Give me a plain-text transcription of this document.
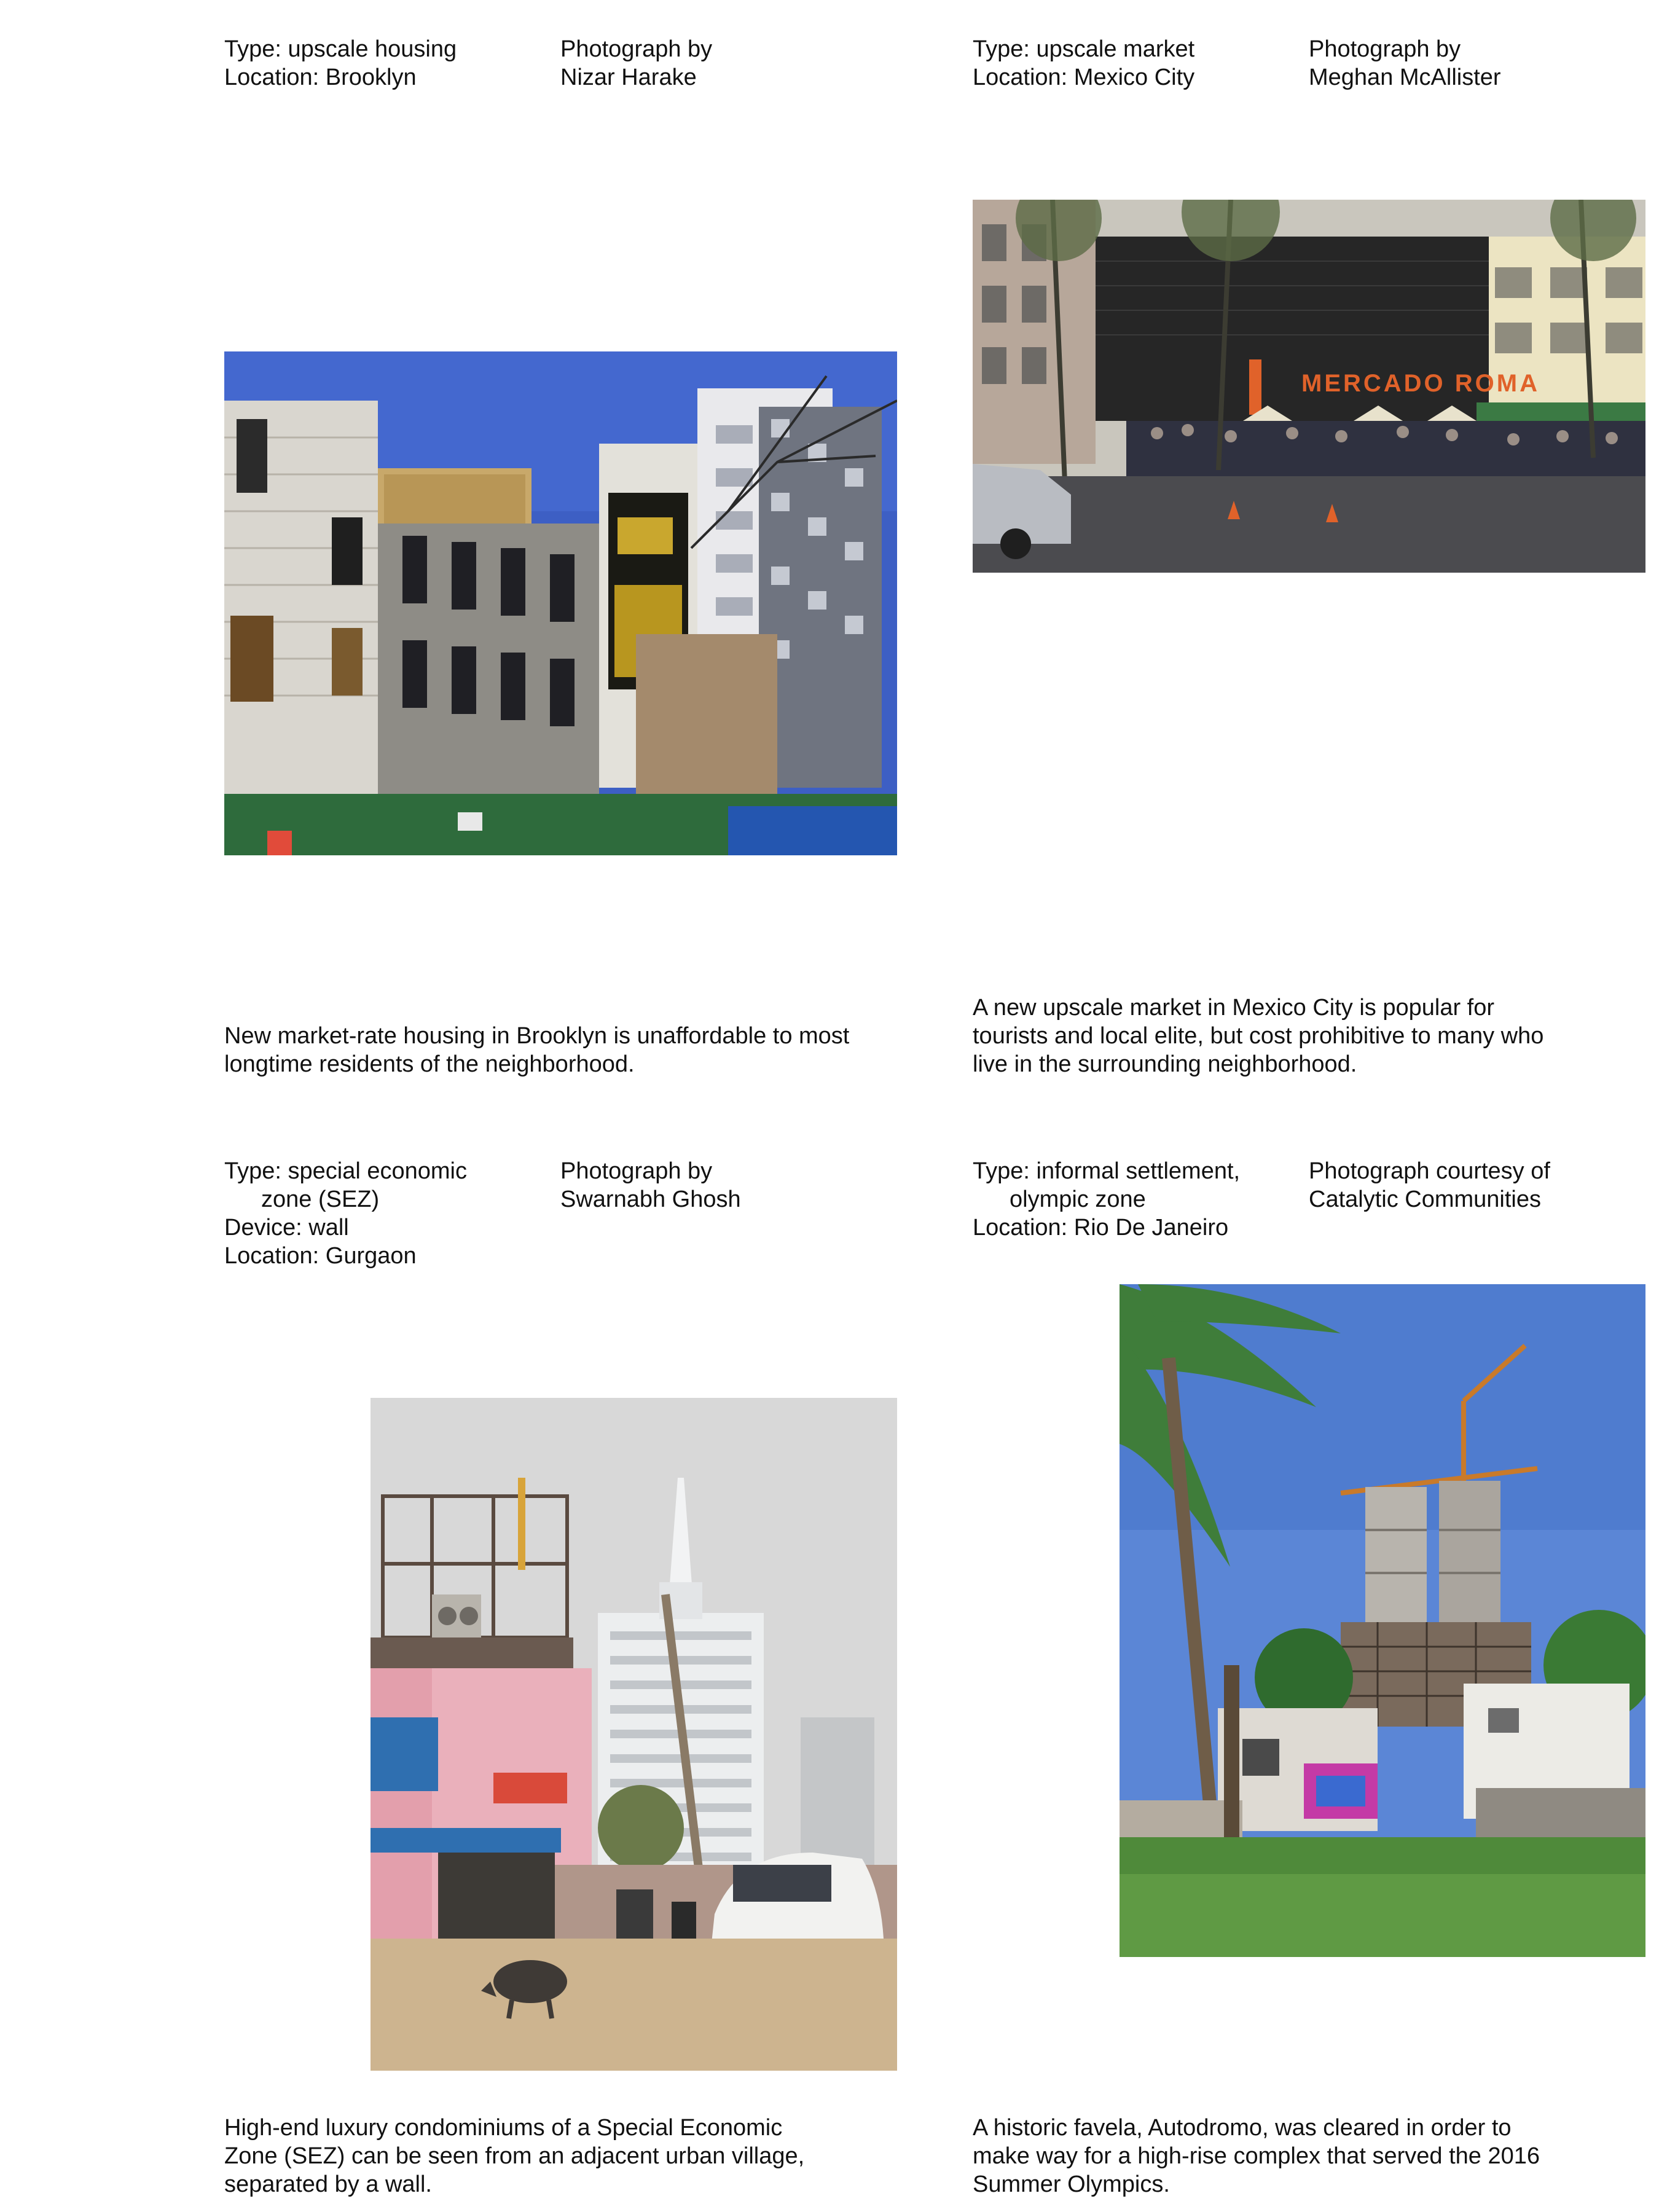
Type: upscale housing
Location: Brooklyn
Photograph by
Nizar Harake
New market-rate housing in Brooklyn is unaffordable to most
longtime residents of the neighborhood.
Type: upscale market
Location: Mexico City
Photograph by
Meghan McAllister
MERCADO ROMA
A new upscale market in Mexico City is popular for
tourists and local elite, but cost prohibitive to many who
live in the surrounding neighborhood.
Type: special economic
zone (SEZ)
Device: wall
Location: Gurgaon
Photograph by
Swarnabh Ghosh
High-end luxury condominiums of a Special Economic
Zone (SEZ) can be seen from an adjacent urban village,
separated by a wall.
Type: informal settlement,
olympic zone
Location: Rio De Janeiro
Photograph courtesy of
Catalytic Communities
A historic favela, Autodromo, was cleared in order to
make way for a high-rise complex that served the 2016
Summer Olympics.
